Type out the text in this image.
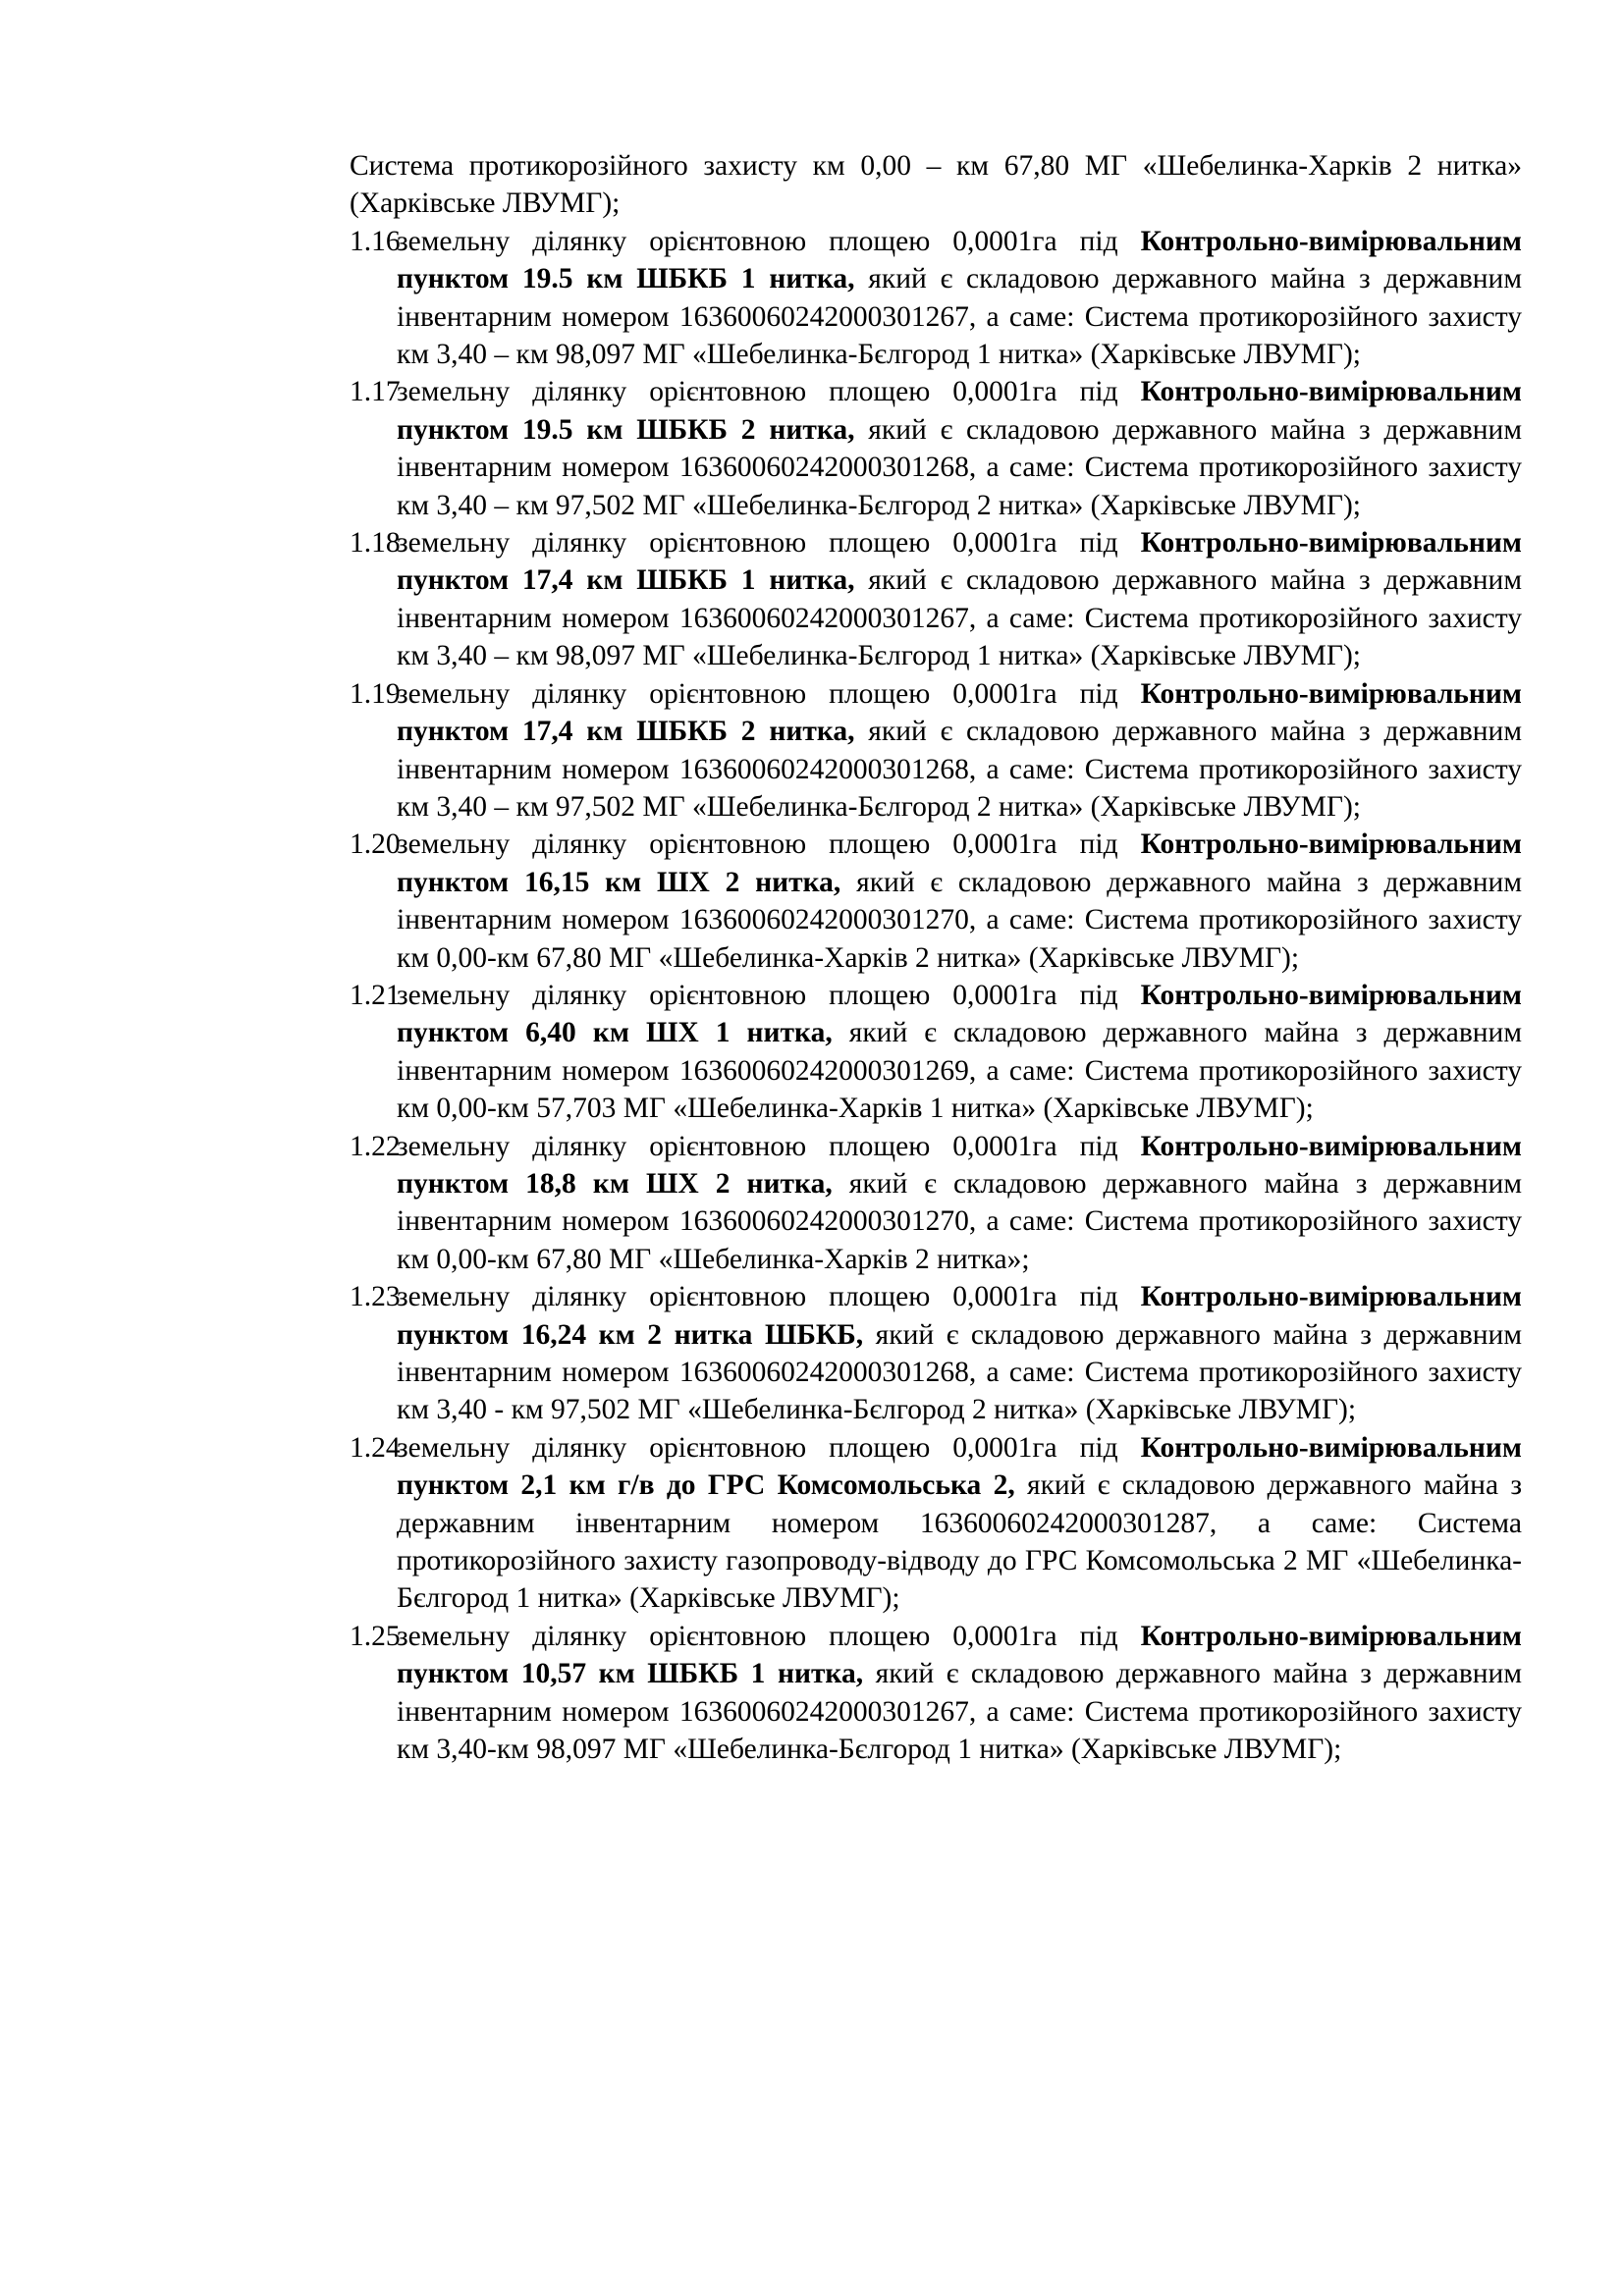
Система протикорозійного захисту км 0,00 – км 67,80 МГ «Шебелинка-Харків 2 нитка» (Харківське ЛВУМГ);

1.16
земельну ділянку орієнтовною площею 0,0001га під Контрольно-вимірювальним пунктом 19.5 км ШБКБ 1 нитка, який є складовою державного майна з державним інвентарним номером 16360060242000301267, а саме: Система протикорозійного захисту км 3,40 – км 98,097 МГ «Шебелинка-Бєлгород 1 нитка» (Харківське ЛВУМГ);
1.17
земельну ділянку орієнтовною площею 0,0001га під Контрольно-вимірювальним пунктом 19.5 км ШБКБ 2 нитка, який є складовою державного майна з державним інвентарним номером 16360060242000301268, а саме: Система протикорозійного захисту км 3,40 – км 97,502 МГ «Шебелинка-Бєлгород 2 нитка» (Харківське ЛВУМГ);
1.18
земельну ділянку орієнтовною площею 0,0001га під Контрольно-вимірювальним пунктом 17,4 км ШБКБ 1 нитка, який є складовою державного майна з державним інвентарним номером 16360060242000301267, а саме: Система протикорозійного захисту км 3,40 – км 98,097 МГ «Шебелинка-Бєлгород 1 нитка» (Харківське ЛВУМГ);
1.19
земельну ділянку орієнтовною площею 0,0001га під Контрольно-вимірювальним пунктом 17,4 км ШБКБ 2 нитка, який є складовою державного майна з державним інвентарним номером 16360060242000301268, а саме: Система протикорозійного захисту км 3,40 – км 97,502 МГ «Шебелинка-Бєлгород 2 нитка» (Харківське ЛВУМГ);
1.20
земельну ділянку орієнтовною площею 0,0001га під Контрольно-вимірювальним пунктом 16,15 км ШХ 2 нитка, який є складовою державного майна з державним інвентарним номером 16360060242000301270, а саме: Система протикорозійного захисту км 0,00-км 67,80 МГ «Шебелинка-Харків 2 нитка» (Харківське ЛВУМГ);
1.21
земельну ділянку орієнтовною площею 0,0001га під Контрольно-вимірювальним пунктом 6,40 км ШХ 1 нитка, який є складовою державного майна з державним інвентарним номером 16360060242000301269, а саме: Система протикорозійного захисту км 0,00-км 57,703 МГ «Шебелинка-Харків 1 нитка» (Харківське ЛВУМГ);
1.22
земельну ділянку орієнтовною площею 0,0001га під Контрольно-вимірювальним пунктом 18,8 км ШХ 2 нитка, який є складовою державного майна з державним інвентарним номером 16360060242000301270, а саме: Система протикорозійного захисту км 0,00-км 67,80 МГ «Шебелинка-Харків 2 нитка»;
1.23
земельну ділянку орієнтовною площею 0,0001га під Контрольно-вимірювальним пунктом 16,24 км 2 нитка ШБКБ, який є складовою державного майна з державним інвентарним номером 16360060242000301268, а саме: Система протикорозійного захисту км 3,40 - км 97,502 МГ «Шебелинка-Бєлгород 2 нитка» (Харківське ЛВУМГ);
1.24
земельну ділянку орієнтовною площею 0,0001га під Контрольно-вимірювальним пунктом 2,1 км г/в до ГРС Комсомольська 2, який є складовою державного майна з державним інвентарним номером 16360060242000301287, а саме: Система протикорозійного захисту газопроводу-відводу до ГРС Комсомольська 2 МГ «Шебелинка-Бєлгород 1 нитка» (Харківське ЛВУМГ);
1.25
земельну ділянку орієнтовною площею 0,0001га під Контрольно-вимірювальним пунктом 10,57 км ШБКБ 1 нитка, який є складовою державного майна з державним інвентарним номером 16360060242000301267, а саме: Система протикорозійного захисту км 3,40-км 98,097 МГ «Шебелинка-Бєлгород 1 нитка» (Харківське ЛВУМГ);
